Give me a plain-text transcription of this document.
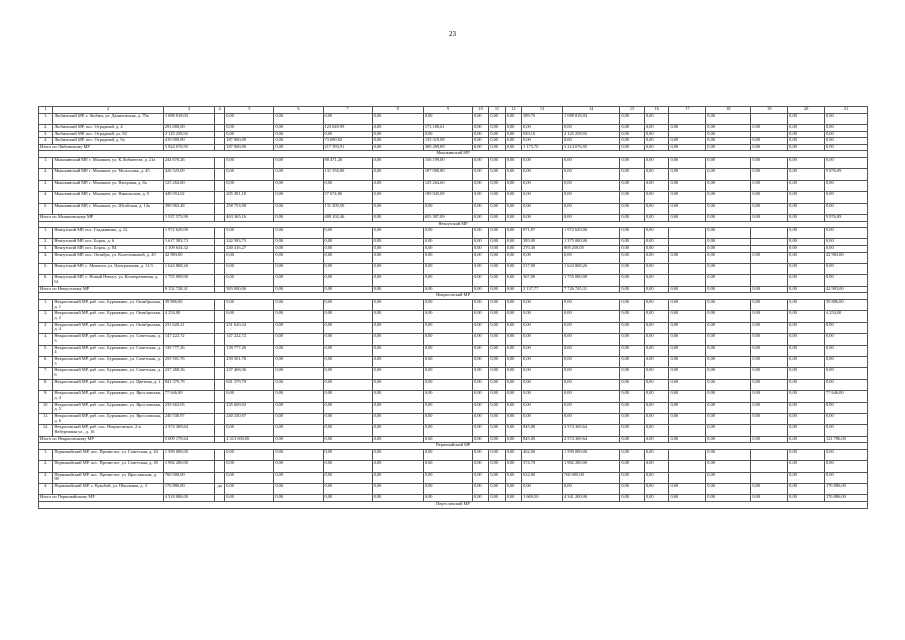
23
1	2	3	4	5	6	7	8	9	10	11	12	13	14	15	16	17	18	19	20	21
1.	Любимский МР, г. Любим, ул. Даниловская, д. 79а	1 088 818,03		0,00	0,00	0,00	0,00	0,00	0,00	0,00	0,00	389,70	1 088 818,03	0,00	0,00		0,00		0,00	0,00
2.	Любимский МР, пос. Отрадный, д. 4	293 000,00		0,00	0,00	123 849,99	0,00	173 180,61	0,00	0,00	0,00	0,00	0,00	0,00	0,00	0,00	0,00	0,00	0,00	0,00
3.	Любимский МР, пос. Отрадный, ул. 82	2 125 258,92		0,00	0,00	0,00	0,00	0,00	0,00	0,00	0,00	920,10	2 125 258,92	0,00	0,00		0,00		0,00	0,00
4.	Любимский МР, пос. Отрадный, д. 9а	419 000,00		187 000,00	0,00	73 680,92	0,00	135 319,08	0,00	0,00	0,00	0,00	0,00	0,00	0,00	0,00	0,00	0,00	0,00	0,00
Итого по Любимскому МР		3 924 076,95		187 000,00	0,00	217 593,91	0,00	308 499,89	0,00	0,00	0,00	1 173,70	3 214 076,95	0,00	0,00	0,00	0,00	0,00	0,00	0,00
Мышкинский МР																				
1.	Мышкинский МР, г. Мышкин, ул. К.Либкнехта, д. 21а	244 670,26		0,00	0,00	88 471,20	0,00	156 199,00	0,00	0,00	0,00	0,00	0,00	0,00	0,00	0,00	0,00	0,00	0,00	0,00
2.	Мышкинский МР, г. Мышкин, ул. Мологская, д. 45	326 523,69		0,00	0,00	131 556,80	0,00	187 080,80	0,00	0,00	0,00	0,00	0,00	0,00	0,00	0,00	0,00	0,00	0,00	9 876,09
3.	Мышкинский МР, г. Мышкин, ул. Нагорная, д. 8а	125 264,60		0,00	0,00	0,00	0,00	125 264,60	0,00	0,00	0,00	0,00	0,00	0,00	0,00	0,00	0,00	0,00	0,00	0,00
4.	Мышкинский МР, г. Мышкин, ул. Никольская, д. 9	449 053,02		205 381,18	0,00	57 674,86	0,00	189 945,09	0,00	0,00	0,00	0,00	0,00	0,00	0,00	0,00	0,00	0,00	0,00	0,00
5.	Мышкинский МР, г. Мышкин, ул. Штабская, д. 14а	390 063,48		258 753,98	0,00	131 309,50	0,00	0,00	0,00	0,00	0,00	0,00	0,00	0,00	0,00	0,00	0,00	0,00	0,00	0,00
Итого по Мышкинскому МР		1 537 575,90		463 365,16	0,00	409 102,46	0,00	655 397,09	0,00	0,00	0,00	0,00	0,00	0,00	0,00	0,00	0,00	0,00	0,00	9 876,09
Некоузский МР																				
1.	Некоузский МР, пос. Гладкинино, д. 12	1 972 629,00		0,00	0,00	0,00	0,00	0,00	0,00	0,00	0,00	871,87	1 972 629,00	0,00	0,00		0,00		0,00	0,00
2.	Некоузский МР, пос. Борок, д. 6	1 617 583,73		242 583,73	0,00	0,00	0,00	0,00	0,00	0,00	0,00	395,00	1 375 000,00	0,00	0,00		0,00		0,00	0,00
3.	Некоузский МР, пос. Борок, д. 84	1 109 634,32		240 416,27	0,00	0,00	0,00	0,00	0,00	0,00	0,00	270,30	869 258,05	0,00	0,00		0,00		0,00	0,00
4.	Некоузский МР, пос. Октябрь, ул. Колесниковой, д. 20	42 983,00		0,00	0,00	0,00	0,00	0,00	0,00	0,00	0,00	0,00	0,00	0,00	0,00	0,00	0,00	0,00	0,00	42 983,00
5.	Некоузский МР, с. Мокеиха, ул. Центральная, д. 11/3	1 624 868,26		0,00	0,00	0,00	0,00	0,00	0,00	0,00	0,00	517,90	1 624 868,26	0,00	0,00		0,00		0,00	0,00
6.	Некоузский МР, с. Новый Некоуз, ул. Кооперативная, д. 61	1 755 000,00		0,00	0,00	0,00	0,00	0,00	0,00	0,00	0,00	367,00	1 755 000,00	0,00	0,00		0,00		0,00	0,00
Итого по Некоузскому МР		8 152 728,31		383 000,00	0,00	0,00	0,00	0,00	0,00	0,00	0,00	2 137,77	7 726 745,31	0,00	0,00	0,00	0,00	0,00	0,00	42 983,00
Некрасовский МР																				
1.	Некрасовский МР, раб. пос. Бурмакино, ул. Октябрьская, д. 1	39 886,00		0,00	0,00	0,00	0,00	0,00	0,00	0,00	0,00	0,00	0,00	0,00	0,00	0,00	0,00	0,00	0,00	39 886,00
2.	Некрасовский МР, раб. пос. Бурмакино, ул. Октябрьская, д. 2	4 254,00		0,00	0,00	0,00	0,00	0,00	0,00	0,00	0,00	0,00	0,00	0,00	0,00	0,00	0,00	0,00	0,00	4 254,00
3.	Некрасовский МР, раб. пос. Бурмакино, ул. Октябрьская, д. 4	231 620,21		231 620,24	0,00	0,00	0,00	0,00	0,00	0,00	0,00	0,00	0,00	0,00	0,00	0,00	0,00	0,00	0,00	0,00
4.	Некрасовский МР, раб. пос. Бурмакино, ул. Советская, д. 3	147 222,72		147 222,72	0,00	0,00	0,00	0,00	0,00	0,00	0,00	0,00	0,00	0,00	0,00	0,00	0,00	0,00	0,00	0,00
5.	Некрасовский МР, раб. пос. Бурмакино, ул. Советская, д. 4	139 777,26		139 777,26	0,00	0,00	0,00	0,00	0,00	0,00	0,00	0,00	0,00	0,00	0,00	0,00	0,00	0,00	0,00	0,00
6.	Некрасовский МР, раб. пос. Бурмакино, ул. Советская, д. 5	259 501,76		259 501,76	0,00	0,00	0,00	0,00	0,00	0,00	0,00	0,00	0,00	0,00	0,00	0,00	0,00	0,00	0,00	0,00
7.	Некрасовский МР, раб. пос. Бурмакино, ул. Советская, д. 6	237 468,36		237 468,36	0,00	0,00	0,00	0,00	0,00	0,00	0,00	0,00	0,00	0,00	0,00	0,00	0,00	0,00	0,00	0,00
8.	Некрасовский МР, раб. пос. Бурмакино, ул. Цветная, д. 1	841 379,78		841 379,78	0,00	0,00	0,00	0,00	0,00	0,00	0,00	0,00	0,00	0,00	0,00	0,00	0,00	0,00	0,00	0,00
9.	Некрасовский МР, раб. пос. Бурмакино, ул. Ярославская, д. 4	77 646,00		0,00	0,00	0,00	0,00	0,00	0,00	0,00	0,00	0,00	0,00	0,00	0,00	0,00	0,00	0,00	0,00	77 646,00
10.	Некрасовский МР, раб. пос. Бурмакино, ул. Ярославская, д. 5	235 663,05		235 609,03	0,00	0,00	0,00	0,00	0,00	0,00	0,00	0,00	0,00	0,00	0,00	0,00	0,00	0,00	0,00	0,00
11.	Некрасовский МР, раб. пос. Бурмакино, ул. Ярославская, д. 6	240 330,97		240 330,97	0,00	0,00	0,00	0,00	0,00	0,00	0,00	0,00	0,00	0,00	0,00	0,00	0,00	0,00	0,00	0,00
12.	Некрасовский МР, раб. пос. Некрасовское, 2-я Набережная ул., д. 16	2 574 369,64		0,00	0,00	0,00	0,00	0,00	0,00	0,00	0,00	845,00	2 574 369,64	0,00	0,00		0,00		0,00	0,00
Итого по Некрасовскому МР		5 009 179,64		2 313 000,00	0,00	0,00	0,00	0,00	0,00	0,00	0,00	845,00	2 574 369,64	0,00	0,00	0,00	0,00	0,00	0,00	121 786,00
Первомайский МР																				
1.	Первомайский МР, пос. Пречистое, ул. Советская, д. 63	1 599 000,00		0,00	0,00	0,00	0,00	0,00	0,00	0,00	0,00	462,00	1 599 000,00	0,00	0,00		0,00		0,00	0,00
2.	Первомайский МР, пос. Пречистое, ул. Советская, д. 65	1 982 200,00		0,00	0,00	0,00	0,00	0,00	0,00	0,00	0,00	574,70	1 982 200,00	0,00	0,00		0,00		0,00	0,00
3.	Первомайский МР, пос. Пречистое, ул. Ярославская, д. 98	760 000,00		0,00	0,00	0,00	0,00	0,00	0,00	0,00	0,00	632,80	760 000,00	0,00	0,00		0,00		0,00	0,00
4.	Первомайский МР, с. Кукобой, ул. Школьная, д. 3	176 886,00	да	0,00	0,00	0,00	0,00	0,00	0,00	0,00	0,00	0,00	0,00	0,00	0,00	0,00	0,00	0,00	0,00	176 886,00
Итого по Первомайскому МР		4 518 086,00		0,00	0,00	0,00	0,00	0,00	0,00	0,00	0,00	1 669,50	4 341 200,00	0,00	0,00	0,00	0,00	0,00	0,00	176 886,00
Переславский МР																				
